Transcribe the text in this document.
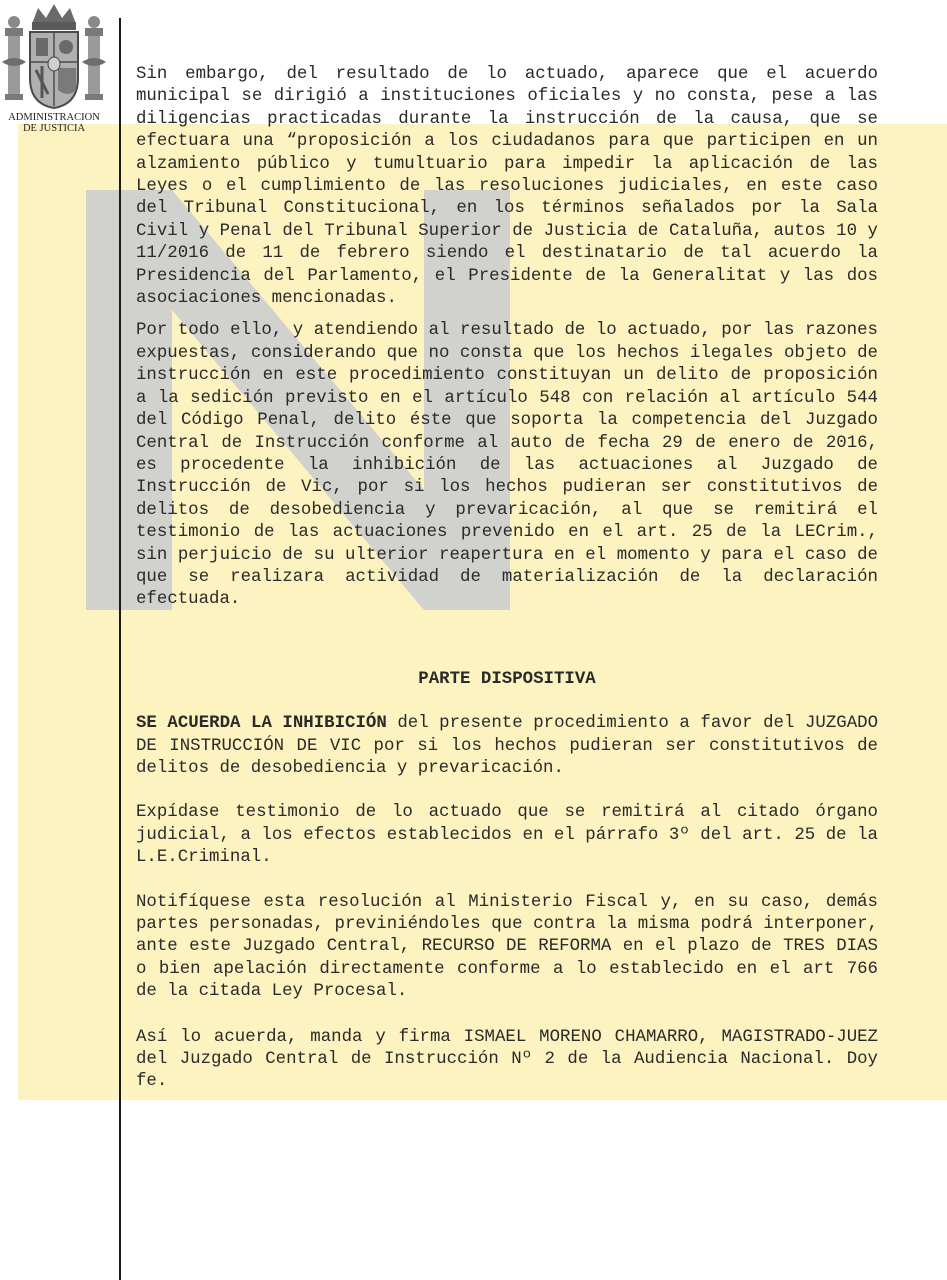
ADMINISTRACION
DE JUSTICIA

Sin embargo, del resultado de lo actuado, aparece que el acuerdo municipal se dirigió a instituciones oficiales y no consta, pese a las diligencias practicadas durante la instrucción de la causa, que se efectuara una “proposición a los ciudadanos para que participen en un alzamiento público y tumultuario para impedir la aplicación de las Leyes o el cumplimiento de las resoluciones judiciales, en este caso del Tribunal Constitucional, en los términos señalados por la Sala Civil y Penal del Tribunal Superior de Justicia de Cataluña, autos 10 y 11/2016 de 11 de febrero siendo el destinatario de tal acuerdo la Presidencia del Parlamento, el Presidente de la Generalitat y las dos asociaciones mencionadas.

Por todo ello, y atendiendo al resultado de lo actuado, por las razones expuestas, considerando que no consta que los hechos ilegales objeto de instrucción en este procedimiento constituyan un delito de proposición a la sedición previsto en el artículo 548 con relación al artículo 544 del Código Penal, delito éste que soporta la competencia del Juzgado Central de Instrucción conforme al auto de fecha 29 de enero de 2016, es procedente la inhibición de las actuaciones al Juzgado de Instrucción de Vic, por si los hechos pudieran ser constitutivos de delitos de desobediencia y prevaricación, al que se remitirá el testimonio de las actuaciones prevenido en el art. 25 de la LECrim., sin perjuicio de su ulterior reapertura en el momento y para el caso de que se realizara actividad de materialización de la declaración efectuada.

PARTE DISPOSITIVA

SE ACUERDA LA INHIBICIÓN del presente procedimiento a favor del JUZGADO DE INSTRUCCIÓN DE VIC por si los hechos pudieran ser constitutivos de delitos de desobediencia y prevaricación.

Expídase testimonio de lo actuado que se remitirá al citado órgano judicial, a los efectos establecidos en el párrafo 3º del art. 25 de la L.E.Criminal.

Notifíquese esta resolución al Ministerio Fiscal y, en su caso, demás partes personadas, previniéndoles que contra la misma podrá interponer, ante este Juzgado Central, RECURSO DE REFORMA en el plazo de TRES DIAS o bien apelación directamente conforme a lo establecido en el art 766 de la citada Ley Procesal.

Así lo acuerda, manda y firma ISMAEL MORENO CHAMARRO, MAGISTRADO-JUEZ del Juzgado Central de Instrucción Nº 2 de la Audiencia Nacional. Doy fe.
